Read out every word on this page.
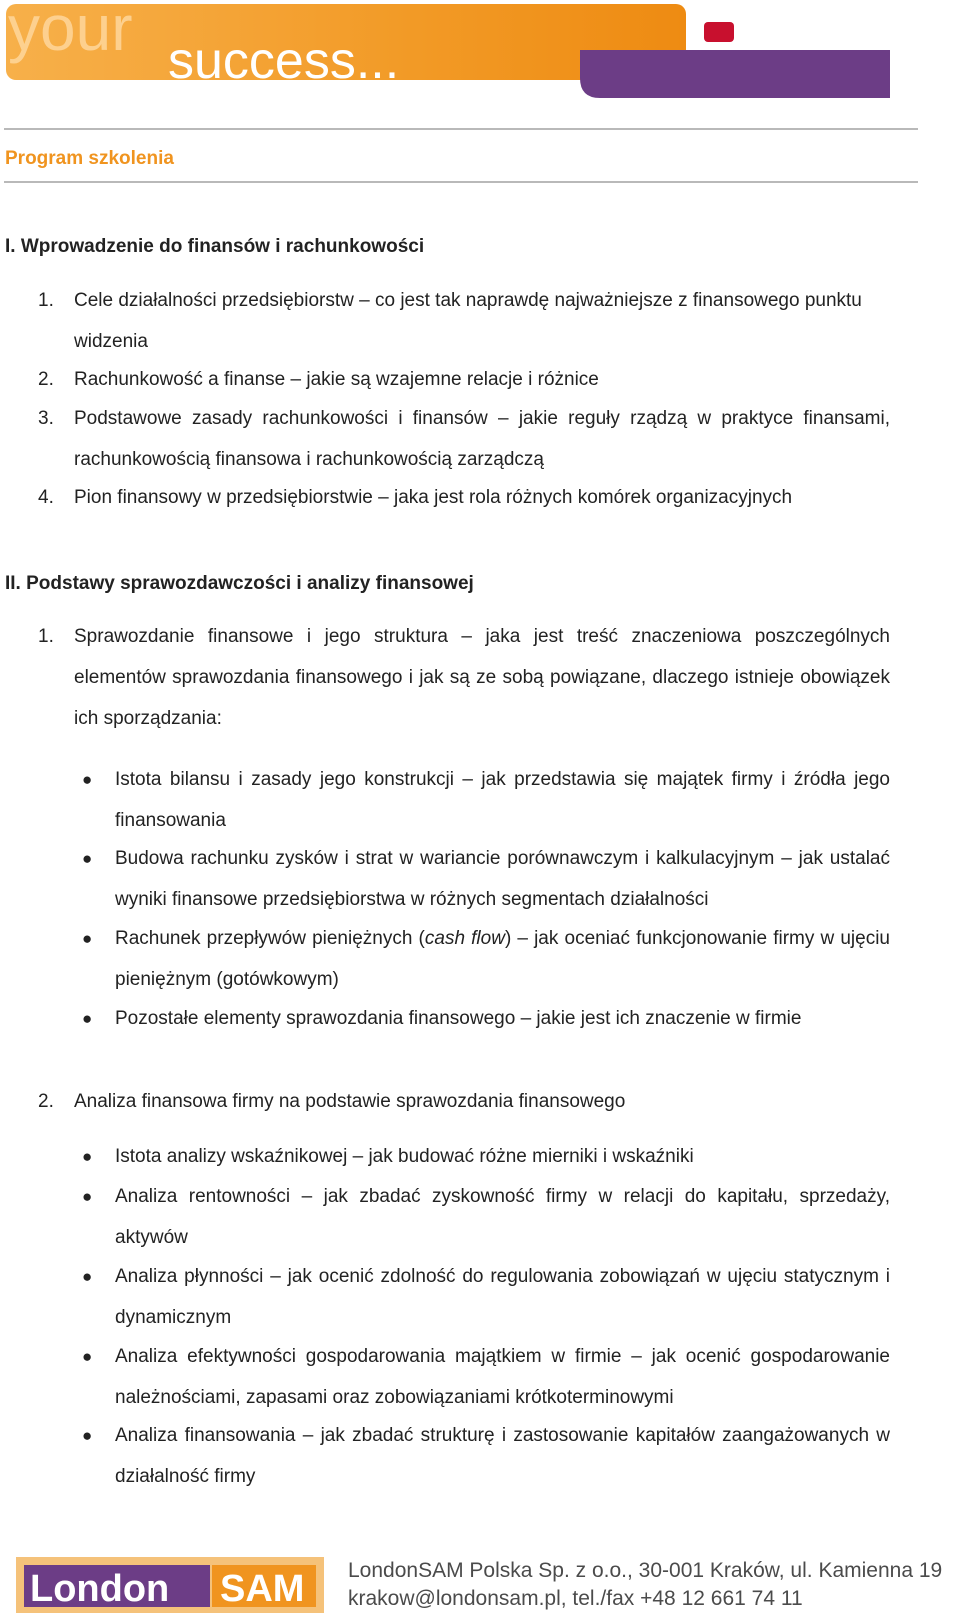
your success...
Program szkolenia
I. Wprowadzenie do finansów i rachunkowości
1. Cele działalności przedsiębiorstw – co jest tak naprawdę najważniejsze z finansowego punktu widzenia
2. Rachunkowość a finanse – jakie są wzajemne relacje i różnice
3. Podstawowe zasady rachunkowości i finansów – jakie reguły rządzą w praktyce finansami, rachunkowością finansowa i rachunkowością zarządczą
4. Pion finansowy w przedsiębiorstwie – jaka jest rola różnych komórek organizacyjnych
II. Podstawy sprawozdawczości i analizy finansowej
1. Sprawozdanie finansowe i jego struktura – jaka jest treść znaczeniowa poszczególnych elementów sprawozdania finansowego i jak są ze sobą powiązane, dlaczego istnieje obowiązek ich sporządzania:
● Istota bilansu i zasady jego konstrukcji – jak przedstawia się majątek firmy i źródła jego finansowania
● Budowa rachunku zysków i strat w wariancie porównawczym i kalkulacyjnym – jak ustalać wyniki finansowe przedsiębiorstwa w różnych segmentach działalności
● Rachunek przepływów pieniężnych (cash flow) – jak oceniać funkcjonowanie firmy w ujęciu pieniężnym (gotówkowym)
● Pozostałe elementy sprawozdania finansowego – jakie jest ich znaczenie w firmie
2. Analiza finansowa firmy na podstawie sprawozdania finansowego
● Istota analizy wskaźnikowej – jak budować różne mierniki i wskaźniki
● Analiza rentowności – jak zbadać zyskowność firmy w relacji do kapitału, sprzedaży, aktywów
● Analiza płynności – jak ocenić zdolność do regulowania zobowiązań w ujęciu statycznym i dynamicznym
● Analiza efektywności gospodarowania majątkiem w firmie – jak ocenić gospodarowanie należnościami, zapasami oraz zobowiązaniami krótkoterminowymi
● Analiza finansowania – jak zbadać strukturę i zastosowanie kapitałów zaangażowanych w działalność firmy
London SAM LondonSAM Polska Sp. z o.o., 30-001 Kraków, ul. Kamienna 19
krakow@londonsam.pl, tel./fax +48 12 661 74 11
